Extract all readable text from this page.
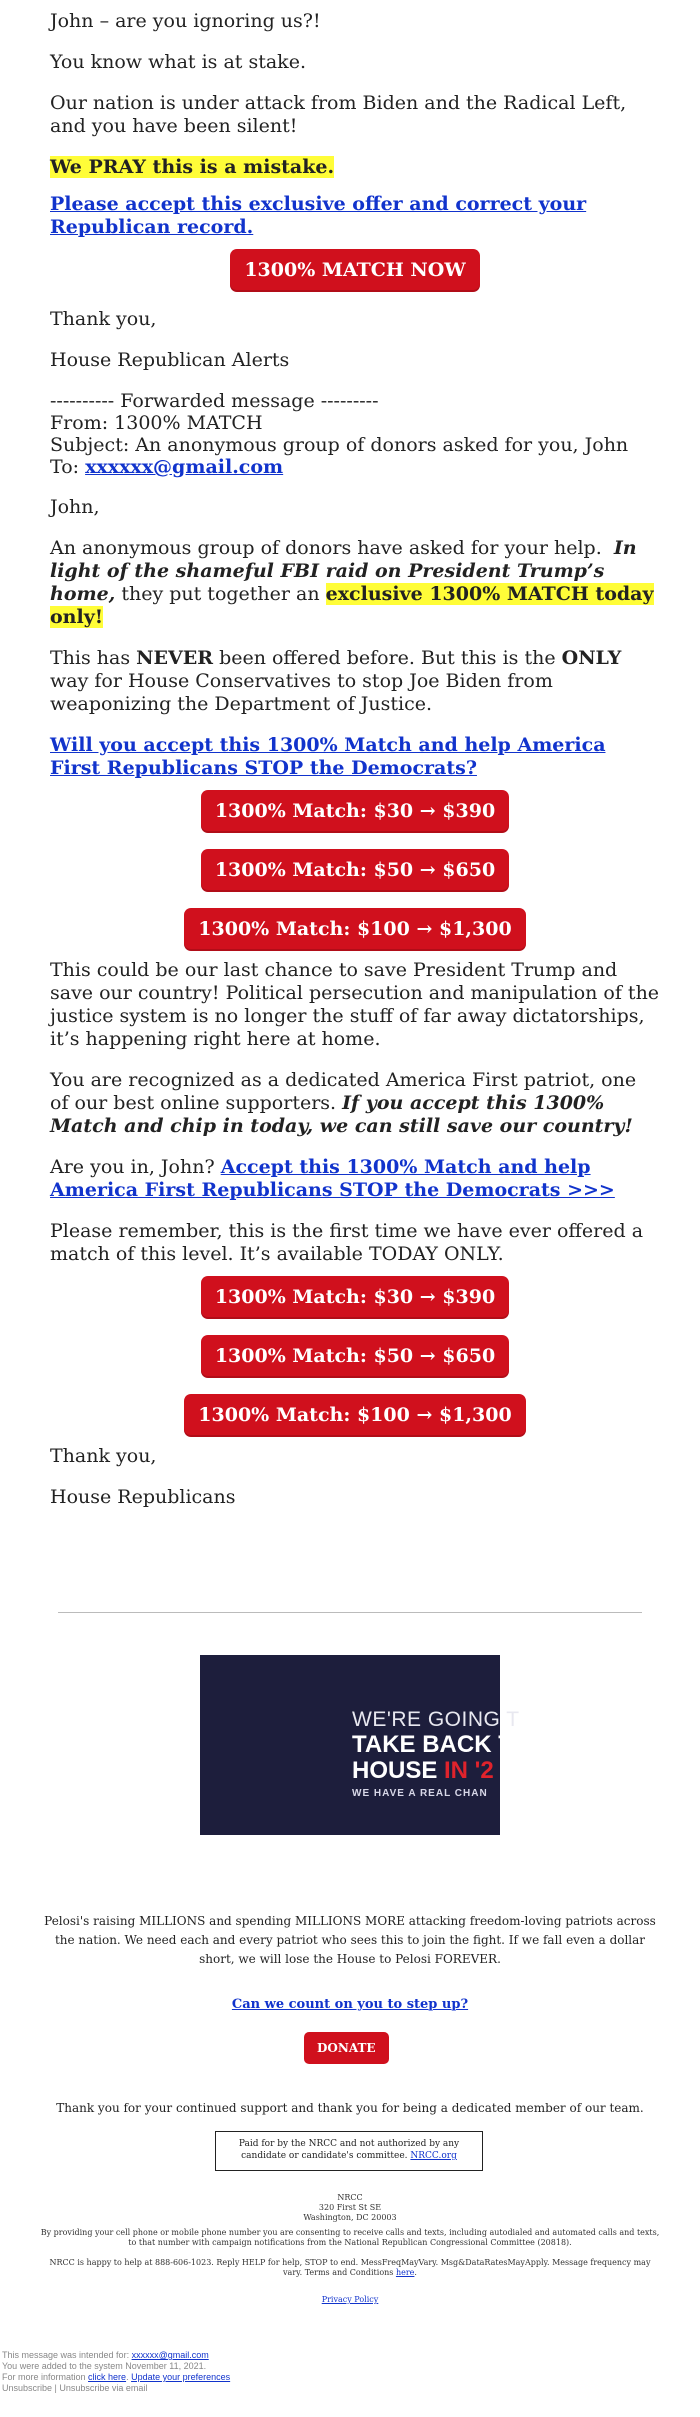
John – are you ignoring us?!

You know what is at stake.

Our nation is under attack from Biden and the Radical Left, and you have been silent!

We PRAY this is a mistake.

Please accept this exclusive offer and correct your Republican record.

1300% MATCH NOW

Thank you,

House Republican Alerts

---------- Forwarded message ---------
From: 1300% MATCH
Subject: An anonymous group of donors asked for you, John
To: xxxxxx@gmail.com

John,

An anonymous group of donors have asked for your help. In light of the shameful FBI raid on President Trump’s home, they put together an exclusive 1300% MATCH today only!

This has NEVER been offered before. But this is the ONLY way for House Conservatives to stop Joe Biden from weaponizing the Department of Justice.

Will you accept this 1300% Match and help America First Republicans STOP the Democrats?

1300% Match: $30 → $390
1300% Match: $50 → $650
1300% Match: $100 → $1,300

This could be our last chance to save President Trump and save our country! Political persecution and manipulation of the justice system is no longer the stuff of far away dictatorships, it’s happening right here at home.

You are recognized as a dedicated America First patriot, one of our best online supporters. If you accept this 1300% Match and chip in today, we can still save our country!

Are you in, John? Accept this 1300% Match and help America First Republicans STOP the Democrats >>>

Please remember, this is the first time we have ever offered a match of this level. It’s available TODAY ONLY.

1300% Match: $30 → $390
1300% Match: $50 → $650
1300% Match: $100 → $1,300

Thank you,

House Republicans

WE'RE GOING T
TAKE BACK TH
HOUSE IN '2
WE HAVE A REAL CHAN
Pelosi's raising MILLIONS and spending MILLIONS MORE attacking freedom-loving patriots across the nation. We need each and every patriot who sees this to join the fight. If we fall even a dollar short, we will lose the House to Pelosi FOREVER.
Can we count on you to step up?
DONATE
Thank you for your continued support and thank you for being a dedicated member of our team.
Paid for by the NRCC and not authorized by any candidate or candidate's committee. NRCC.org
NRCC
320 First St SE
Washington, DC 20003
By providing your cell phone or mobile phone number you are consenting to receive calls and texts, including autodialed and automated calls and texts, to that number with campaign notifications from the National Republican Congressional Committee (20818).
NRCC is happy to help at 888-606-1023. Reply HELP for help, STOP to end. MessFreqMayVary. Msg&DataRatesMayApply. Message frequency may vary. Terms and Conditions here.
Privacy Policy
This message was intended for: xxxxxx@gmail.com
You were added to the system November 11, 2021.
For more information click here. Update your preferences
Unsubscribe | Unsubscribe via email
